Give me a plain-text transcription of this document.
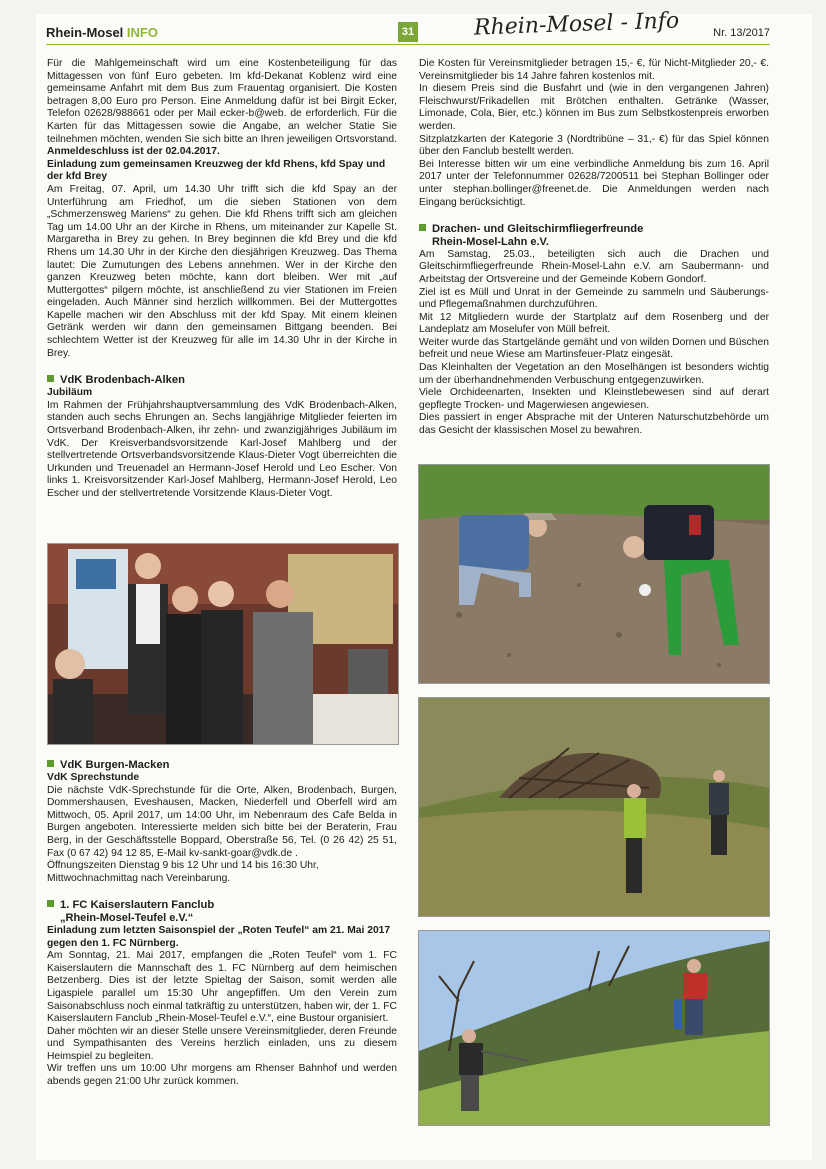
Rhein-Mosel INFO	31	Rhein-Mosel - Info	Nr. 13/2017

Für die Mahlgemeinschaft wird um eine Kostenbeteiligung für das Mittagessen von fünf Euro gebeten. Im kfd-Dekanat Koblenz wird eine gemeinsame Anfahrt mit dem Bus zum Frauentag organisiert. Die Kosten betragen 8,00 Euro pro Person. Eine Anmeldung dafür ist bei Birgit Ecker, Telefon 02628/988661 oder per Mail ecker-b@web. de erforderlich. Für die Karten für das Mittagessen sowie die Angabe, an welcher Statie Sie teilnehmen möchten, wenden Sie sich bitte an Ihren jeweiligen Ortsvorstand. Anmeldeschluss ist der 02.04.2017.

Einladung zum gemeinsamen Kreuzweg der kfd Rhens, kfd Spay und der kfd Brey

Am Freitag, 07. April, um 14.30 Uhr trifft sich die kfd Spay an der Unterführung am Friedhof, um die sieben Stationen von dem „Schmerzensweg Mariens“ zu gehen. Die kfd Rhens trifft sich am gleichen Tag um 14.00 Uhr an der Kirche in Rhens, um miteinander zur Kapelle St. Margaretha in Brey zu gehen. In Brey beginnen die kfd Brey und die kfd Rhens um 14.30 Uhr in der Kirche den diesjährigen Kreuzweg. Das Thema lautet: Die Zumutungen des Lebens annehmen. Wer in der Kirche den ganzen Kreuzweg beten möchte, kann dort bleiben. Wer mit „auf Muttergottes“ pilgern möchte, ist anschließend zu vier Stationen im Freien eingeladen. Auch Männer sind herzlich willkommen. Bei der Muttergottes Kapelle machen wir den Abschluss mit der kfd Spay. Mit einem kleinen Getränk werden wir dann den gemeinsamen Bittgang beenden. Bei schlechtem Wetter ist der Kreuzweg für alle im 14.30 Uhr in der Kirche in Brey.

VdK Brodenbach-Alken

Jubiläum

Im Rahmen der Frühjahrshauptversammlung des VdK Brodenbach-Alken, standen auch sechs Ehrungen an. Sechs langjährige Mitglieder feierten im Ortsverband Brodenbach-Alken, ihr zehn- und zwanzigjähriges Jubiläum im VdK. Der Kreisverbandsvorsitzende Karl-Josef Mahlberg und der stellvertretende Ortsverbandsvorsitzende Klaus-Dieter Vogt überreichten die Urkunden und Treuenadel an Hermann-Josef Herold und Leo Escher. Von links 1. Kreisvorsitzender Karl-Josef Mahlberg, Hermann-Josef Herold, Leo Escher und der stellvertretende Vorsitzende Klaus-Dieter Vogt.

VdK Burgen-Macken

VdK Sprechstunde

Die nächste VdK-Sprechstunde für die Orte, Alken, Brodenbach, Burgen, Dommershausen, Eveshausen, Macken, Niederfell und Oberfell wird am Mittwoch, 05. April 2017, um 14:00 Uhr, im Nebenraum des Cafe Belda in Burgen angeboten. Interessierte melden sich bitte bei der Beraterin, Frau Berg, in der Geschäftsstelle Boppard, Oberstraße 56, Tel. (0 26 42) 25 51, Fax (0 67 42) 94 12 85, E-Mail kv-sankt-goar@vdk.de .

Öffnungszeiten Dienstag 9 bis 12 Uhr und 14 bis 16:30 Uhr, Mittwochnachmittag nach Vereinbarung.

1. FC Kaiserslautern Fanclub

„Rhein-Mosel-Teufel e.V.“

Einladung zum letzten Saisonspiel der „Roten Teufel“ am 21. Mai 2017 gegen den 1. FC Nürnberg.

Am Sonntag, 21. Mai 2017, empfangen die „Roten Teufel“ vom 1. FC Kaiserslautern die Mannschaft des 1. FC Nürnberg auf dem heimischen Betzenberg. Dies ist der letzte Spieltag der Saison, somit werden alle Ligaspiele parallel um 15:30 Uhr angepfiffen. Um den Verein zum Saisonabschluss noch einmal tatkräftig zu unterstützen, haben wir, der 1. FC Kaiserslautern Fanclub „Rhein-Mosel-Teufel e.V.“, eine Bustour organisiert.

Daher möchten wir an dieser Stelle unsere Vereinsmitglieder, deren Freunde und Sympathisanten des Vereins herzlich einladen, uns zu diesem Heimspiel zu begleiten.

Wir treffen uns um 10:00 Uhr morgens am Rhenser Bahnhof und werden abends gegen 21:00 Uhr zurück kommen.

Die Kosten für Vereinsmitglieder betragen 15,- €, für Nicht-Mitglieder 20,- €. Vereinsmitglieder bis 14 Jahre fahren kostenlos mit.

In diesem Preis sind die Busfahrt und (wie in den vergangenen Jahren) Fleischwurst/Frikadellen mit Brötchen enthalten. Getränke (Wasser, Limonade, Cola, Bier, etc.) können im Bus zum Selbstkostenpreis erworben werden.

Sitzplatzkarten der Kategorie 3 (Nordtribüne – 31,- €) für das Spiel können über den Fanclub bestellt werden.

Bei Interesse bitten wir um eine verbindliche Anmeldung bis zum 16. April 2017 unter der Telefonnummer 02628/7200511 bei Stephan Bollinger oder unter stephan.bollinger@freenet.de. Die Anmeldungen werden nach Eingang berücksichtigt.

Drachen- und Gleitschirmfliegerfreunde

Rhein-Mosel-Lahn e.V.

Am Samstag, 25.03., beteiligten sich auch die Drachen und Gleitschirmfliegerfreunde Rhein-Mosel-Lahn e.V. am Saubermann- und Arbeitstag der Ortsvereine und der Gemeinde Kobern Gondorf.

Ziel ist es Müll und Unrat in der Gemeinde zu sammeln und Säuberungs- und Pflegemaßnahmen durchzuführen.

Mit 12 Mitgliedern wurde der Startplatz auf dem Rosenberg und der Landeplatz am Moselufer von Müll befreit.

Weiter wurde das Startgelände gemäht und von wilden Dornen und Büschen befreit und neue Wiese am Martinsfeuer-Platz eingesät.

Das Kleinhalten der Vegetation an den Moselhängen ist besonders wichtig um der überhandnehmenden Verbuschung entgegenzuwirken.

Viele Orchideenarten, Insekten und Kleinstlebewesen sind auf derart gepflegte Trocken- und Magerwiesen angewiesen.

Dies passiert in enger Absprache mit der Unteren Naturschutzbehörde um das Gesicht der klassischen Mosel zu bewahren.
